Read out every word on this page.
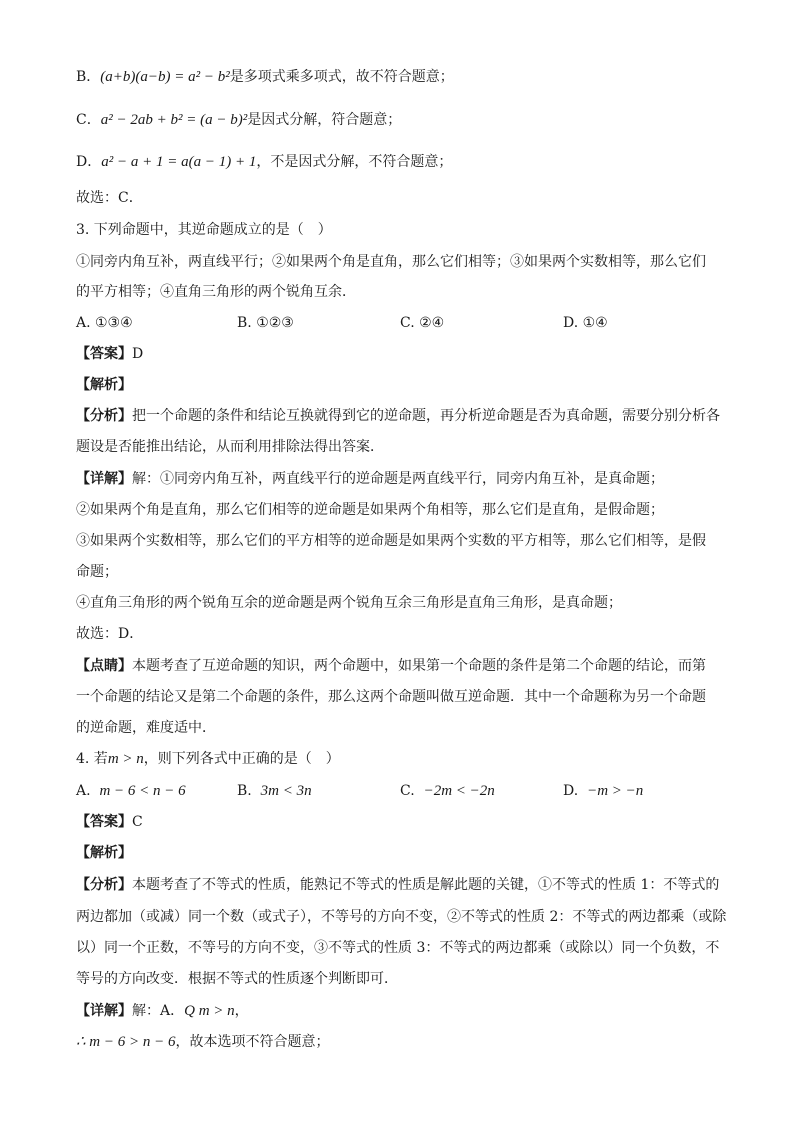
B．(a+b)(a−b) = a² − b²是多项式乘多项式，故不符合题意；
C．a² − 2ab + b² = (a − b)²是因式分解，符合题意；
D．a² − a + 1 = a(a − 1) + 1，不是因式分解，不符合题意；
故选：C．
3. 下列命题中，其逆命题成立的是（　）
①同旁内角互补，两直线平行；②如果两个角是直角，那么它们相等；③如果两个实数相等，那么它们
的平方相等；④直角三角形的两个锐角互余．
A. ①③④	B. ①②③	C. ②④	D. ①④
【答案】D
【解析】
【分析】把一个命题的条件和结论互换就得到它的逆命题，再分析逆命题是否为真命题，需要分别分析各
题设是否能推出结论，从而利用排除法得出答案．
【详解】解：①同旁内角互补，两直线平行的逆命题是两直线平行，同旁内角互补，是真命题；
②如果两个角是直角，那么它们相等的逆命题是如果两个角相等，那么它们是直角，是假命题；
③如果两个实数相等，那么它们的平方相等的逆命题是如果两个实数的平方相等，那么它们相等，是假
命题；
④直角三角形的两个锐角互余的逆命题是两个锐角互余三角形是直角三角形，是真命题；
故选：D．
【点睛】本题考查了互逆命题的知识，两个命题中，如果第一个命题的条件是第二个命题的结论，而第
一个命题的结论又是第二个命题的条件，那么这两个命题叫做互逆命题．其中一个命题称为另一个命题
的逆命题，难度适中．
4. 若m > n，则下列各式中正确的是（　）
A. m − 6 < n − 6	B. 3m < 3n	C. −2m < −2n	D. −m > −n
【答案】C
【解析】
【分析】本题考查了不等式的性质，能熟记不等式的性质是解此题的关键，①不等式的性质 1：不等式的
两边都加（或减）同一个数（或式子），不等号的方向不变，②不等式的性质 2：不等式的两边都乘（或除
以）同一个正数，不等号的方向不变，③不等式的性质 3：不等式的两边都乘（或除以）同一个负数，不
等号的方向改变．根据不等式的性质逐个判断即可．
【详解】解：A．Q m > n，
∴ m − 6 > n − 6，故本选项不符合题意；
